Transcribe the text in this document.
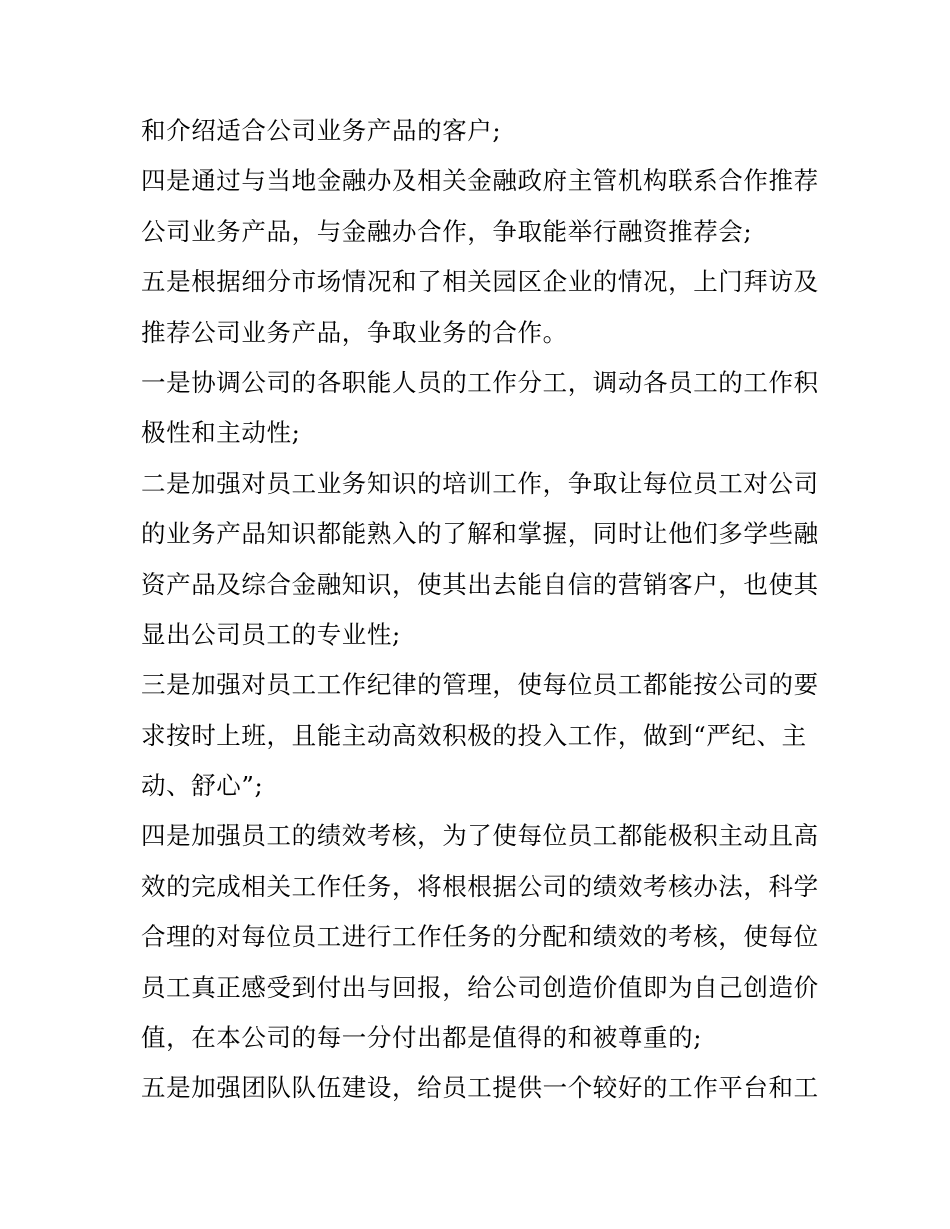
和介绍适合公司业务产品的客户;
四是通过与当地金融办及相关金融政府主管机构联系合作推荐
公司业务产品，与金融办合作，争取能举行融资推荐会;
五是根据细分市场情况和了相关园区企业的情况，上门拜访及
推荐公司业务产品，争取业务的合作。
一是协调公司的各职能人员的工作分工，调动各员工的工作积
极性和主动性;
二是加强对员工业务知识的培训工作，争取让每位员工对公司
的业务产品知识都能熟入的了解和掌握，同时让他们多学些融
资产品及综合金融知识，使其出去能自信的营销客户，也使其
显出公司员工的专业性;
三是加强对员工工作纪律的管理，使每位员工都能按公司的要
求按时上班，且能主动高效积极的投入工作，做到“严纪、主
动、舒心”;
四是加强员工的绩效考核，为了使每位员工都能极积主动且高
效的完成相关工作任务，将根根据公司的绩效考核办法，科学
合理的对每位员工进行工作任务的分配和绩效的考核，使每位
员工真正感受到付出与回报，给公司创造价值即为自己创造价
值，在本公司的每一分付出都是值得的和被尊重的;
五是加强团队队伍建设，给员工提供一个较好的工作平台和工
